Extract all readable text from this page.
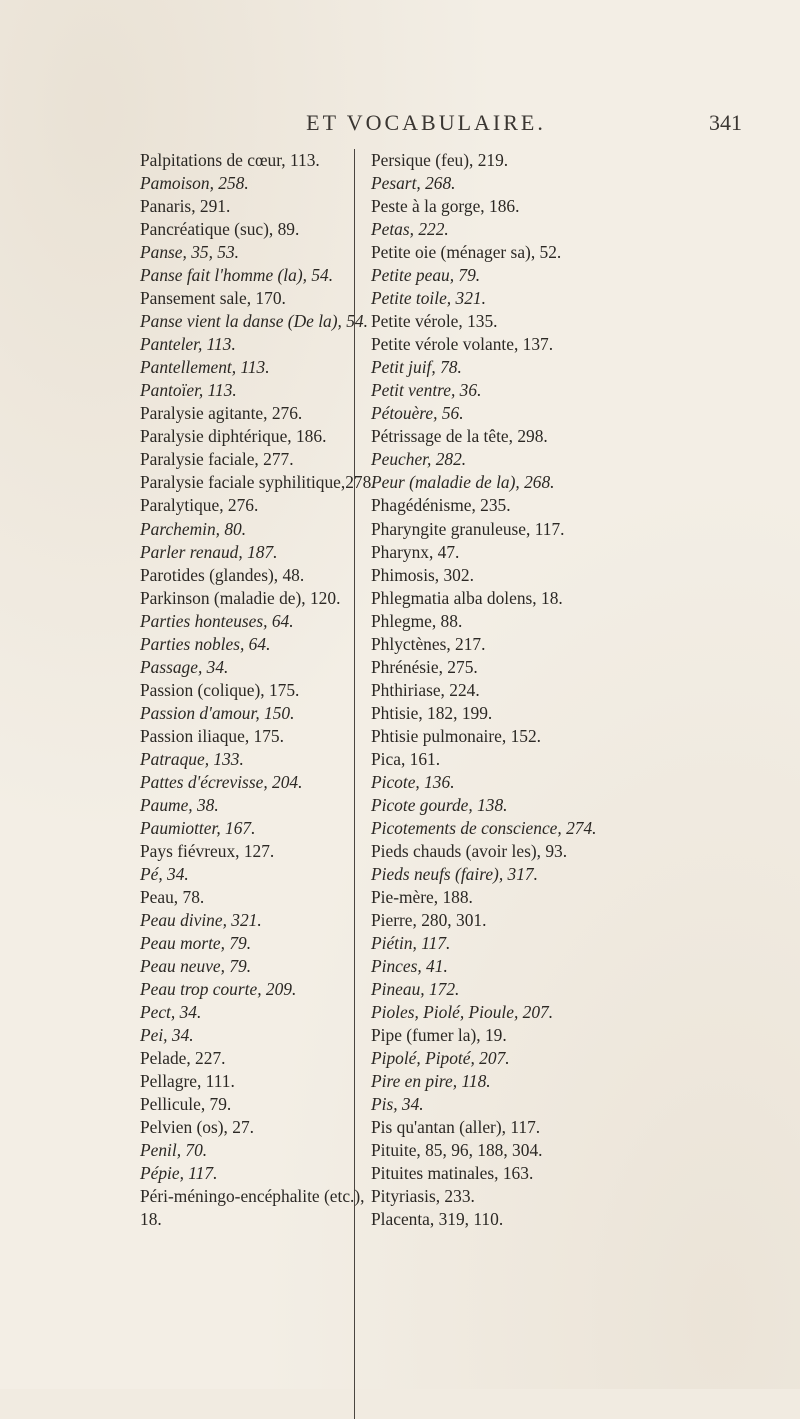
ET VOCABULAIRE.	341
Palpitations de cœur, 113.
Pamoison, 258.
Panaris, 291.
Pancréatique (suc), 89.
Panse, 35, 53.
Panse fait l'homme (la), 54.
Pansement sale, 170.
Panse vient la danse (De la), 54.
Panteler, 113.
Pantellement, 113.
Pantoïer, 113.
Paralysie agitante, 276.
Paralysie diphtérique, 186.
Paralysie faciale, 277.
Paralysie faciale syphilitique,278.
Paralytique, 276.
Parchemin, 80.
Parler renaud, 187.
Parotides (glandes), 48.
Parkinson (maladie de), 120.
Parties honteuses, 64.
Parties nobles, 64.
Passage, 34.
Passion (colique), 175.
Passion d'amour, 150.
Passion iliaque, 175.
Patraque, 133.
Pattes d'écrevisse, 204.
Paume, 38.
Paumiotter, 167.
Pays fiévreux, 127.
Pé, 34.
Peau, 78.
Peau divine, 321.
Peau morte, 79.
Peau neuve, 79.
Peau trop courte, 209.
Pect, 34.
Pei, 34.
Pelade, 227.
Pellagre, 111.
Pellicule, 79.
Pelvien (os), 27.
Penil, 70.
Pépie, 117.
Péri-méningo-encéphalite (etc.),
18.
Persique (feu), 219.
Pesart, 268.
Peste à la gorge, 186.
Petas, 222.
Petite oie (ménager sa), 52.
Petite peau, 79.
Petite toile, 321.
Petite vérole, 135.
Petite vérole volante, 137.
Petit juif, 78.
Petit ventre, 36.
Pétouère, 56.
Pétrissage de la tête, 298.
Peucher, 282.
Peur (maladie de la), 268.
Phagédénisme, 235.
Pharyngite granuleuse, 117.
Pharynx, 47.
Phimosis, 302.
Phlegmatia alba dolens, 18.
Phlegme, 88.
Phlyctènes, 217.
Phrénésie, 275.
Phthiriase, 224.
Phtisie, 182, 199.
Phtisie pulmonaire, 152.
Pica, 161.
Picote, 136.
Picote gourde, 138.
Picotements de conscience, 274.
Pieds chauds (avoir les), 93.
Pieds neufs (faire), 317.
Pie-mère, 188.
Pierre, 280, 301.
Piétin, 117.
Pinces, 41.
Pineau, 172.
Pioles, Piolé, Pioule, 207.
Pipe (fumer la), 19.
Pipolé, Pipoté, 207.
Pire en pire, 118.
Pis, 34.
Pis qu'antan (aller), 117.
Pituite, 85, 96, 188, 304.
Pituites matinales, 163.
Pityriasis, 233.
Placenta, 319, 110.
